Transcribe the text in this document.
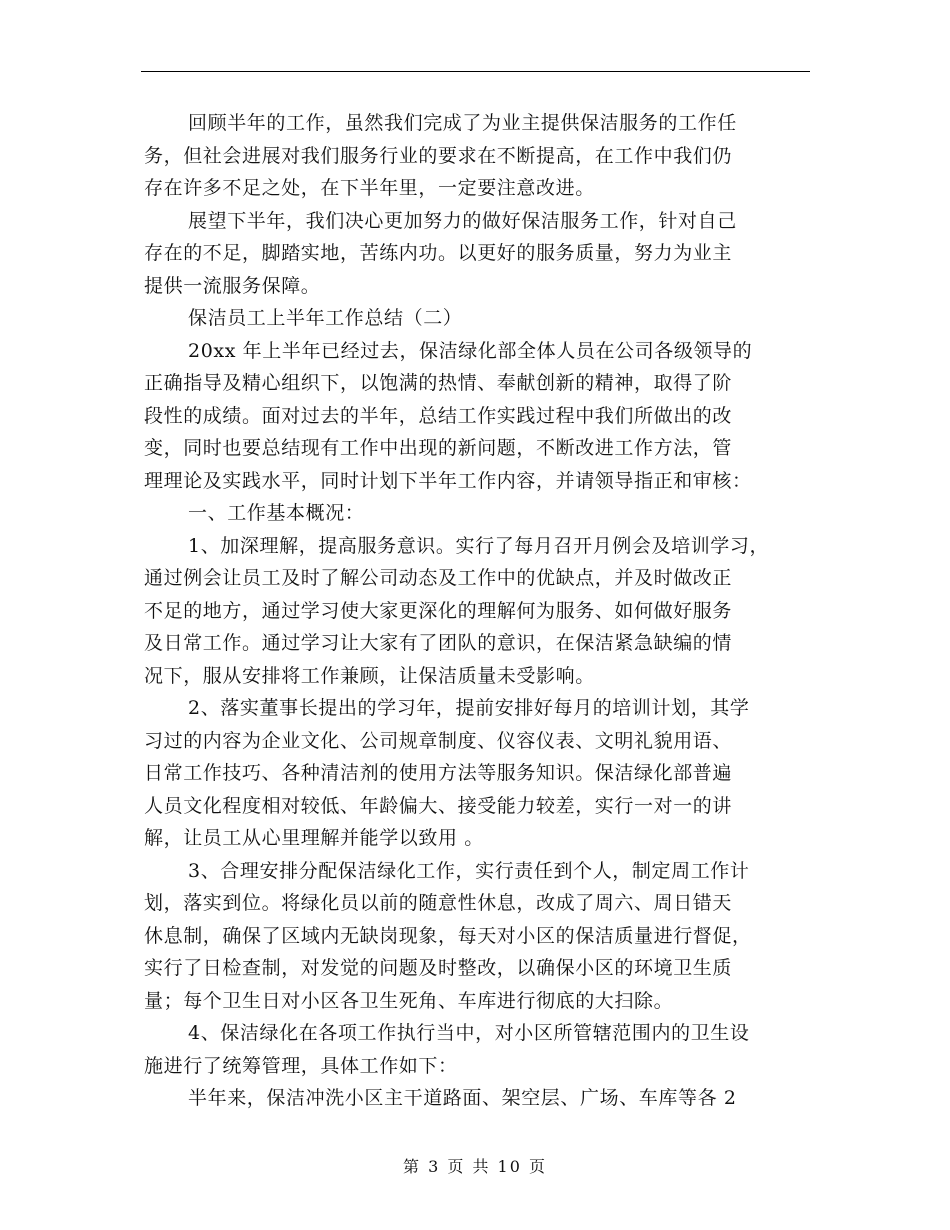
回顾半年的工作，虽然我们完成了为业主提供保洁服务的工作任
务，但社会进展对我们服务行业的要求在不断提高，在工作中我们仍
存在许多不足之处，在下半年里，一定要注意改进。
展望下半年，我们决心更加努力的做好保洁服务工作，针对自己
存在的不足，脚踏实地，苦练内功。以更好的服务质量，努力为业主
提供一流服务保障。
保洁员工上半年工作总结（二）
20xx 年上半年已经过去，保洁绿化部全体人员在公司各级领导的
正确指导及精心组织下，以饱满的热情、奉献创新的精神，取得了阶
段性的成绩。面对过去的半年，总结工作实践过程中我们所做出的改
变，同时也要总结现有工作中出现的新问题，不断改进工作方法，管
理理论及实践水平，同时计划下半年工作内容，并请领导指正和审核：
一、工作基本概况：
1、加深理解，提高服务意识。实行了每月召开月例会及培训学习，
通过例会让员工及时了解公司动态及工作中的优缺点，并及时做改正
不足的地方，通过学习使大家更深化的理解何为服务、如何做好服务
及日常工作。通过学习让大家有了团队的意识，在保洁紧急缺编的情
况下，服从安排将工作兼顾，让保洁质量未受影响。
2、落实董事长提出的学习年，提前安排好每月的培训计划，其学
习过的内容为企业文化、公司规章制度、仪容仪表、文明礼貌用语、
日常工作技巧、各种清洁剂的使用方法等服务知识。保洁绿化部普遍
人员文化程度相对较低、年龄偏大、接受能力较差，实行一对一的讲
解，让员工从心里理解并能学以致用 。
3、合理安排分配保洁绿化工作，实行责任到个人，制定周工作计
划，落实到位。将绿化员以前的随意性休息，改成了周六、周日错天
休息制，确保了区域内无缺岗现象，每天对小区的保洁质量进行督促，
实行了日检查制，对发觉的问题及时整改，以确保小区的环境卫生质
量；每个卫生日对小区各卫生死角、车库进行彻底的大扫除。
4、保洁绿化在各项工作执行当中，对小区所管辖范围内的卫生设
施进行了统筹管理，具体工作如下：
半年来，保洁冲洗小区主干道路面、架空层、广场、车库等各 2
第 3 页 共 10 页
